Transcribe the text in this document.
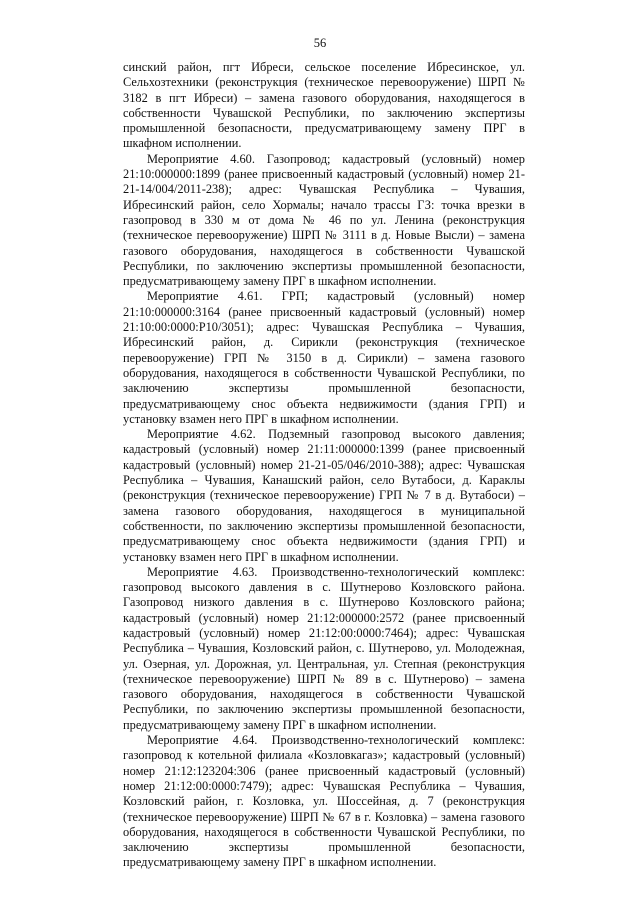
56

синский район, пгт Ибреси, сельское поселение Ибресинское, ул. Сельхозтехники (реконструкция (техническое перевооружение) ШРП № 3182 в пгт Ибреси) – замена газового оборудования, находящегося в собственности Чувашской Республики, по заключению экспертизы промышленной безопасности, предусматривающему замену ПРГ в шкафном исполнении.

Мероприятие 4.60. Газопровод; кадастровый (условный) номер 21:10:000000:1899 (ранее присвоенный кадастровый (условный) номер 21-21-14/004/2011-238); адрес: Чувашская Республика – Чувашия, Ибресинский район, село Хормалы; начало трассы ГЗ: точка врезки в газопровод в 330 м от дома № 46 по ул. Ленина (реконструкция (техническое перевооружение) ШРП № 3111 в д. Новые Высли) – замена газового оборудования, находящегося в собственности Чувашской Республики, по заключению экспертизы промышленной безопасности, предусматривающему замену ПРГ в шкафном исполнении.

Мероприятие 4.61. ГРП; кадастровый (условный) номер 21:10:000000:3164 (ранее присвоенный кадастровый (условный) номер 21:10:00:0000:Р10/3051); адрес: Чувашская Республика – Чувашия, Ибресинский район, д. Сирикли (реконструкция (техническое перевооружение) ГРП № 3150 в д. Сирикли) – замена газового оборудования, находящегося в собственности Чувашской Республики, по заключению экспертизы промышленной безопасности, предусматривающему снос объекта недвижимости (здания ГРП) и установку взамен него ПРГ в шкафном исполнении.

Мероприятие 4.62. Подземный газопровод высокого давления; кадастровый (условный) номер 21:11:000000:1399 (ранее присвоенный кадастровый (условный) номер 21-21-05/046/2010-388); адрес: Чувашская Республика – Чувашия, Канашский район, село Вутабоси, д. Караклы (реконструкция (техническое перевооружение) ГРП № 7 в д. Вутабоси) – замена газового оборудования, находящегося в муниципальной собственности, по заключению экспертизы промышленной безопасности, предусматривающему снос объекта недвижимости (здания ГРП) и установку взамен него ПРГ в шкафном исполнении.

Мероприятие 4.63. Производственно-технологический комплекс: газопровод высокого давления в с. Шутнерово Козловского района. Газопровод низкого давления в с. Шутнерово Козловского района; кадастровый (условный) номер 21:12:000000:2572 (ранее присвоенный кадастровый (условный) номер 21:12:00:0000:7464); адрес: Чувашская Республика – Чувашия, Козловский район, с. Шутнерово, ул. Молодежная, ул. Озерная, ул. Дорожная, ул. Центральная, ул. Степная (реконструкция (техническое перевооружение) ШРП № 89 в с. Шутнерово) – замена газового оборудования, находящегося в собственности Чувашской Республики, по заключению экспертизы промышленной безопасности, предусматривающему замену ПРГ в шкафном исполнении.

Мероприятие 4.64. Производственно-технологический комплекс: газопровод к котельной филиала «Козловкагаз»; кадастровый (условный) номер 21:12:123204:306 (ранее присвоенный кадастровый (условный) номер 21:12:00:0000:7479); адрес: Чувашская Республика – Чувашия, Козловский район, г. Козловка, ул. Шоссейная, д. 7 (реконструкция (техническое перевооружение) ШРП № 67 в г. Козловка) – замена газового оборудования, находящегося в собственности Чувашской Республики, по заключению экспертизы промышленной безопасности, предусматривающему замену ПРГ в шкафном исполнении.
